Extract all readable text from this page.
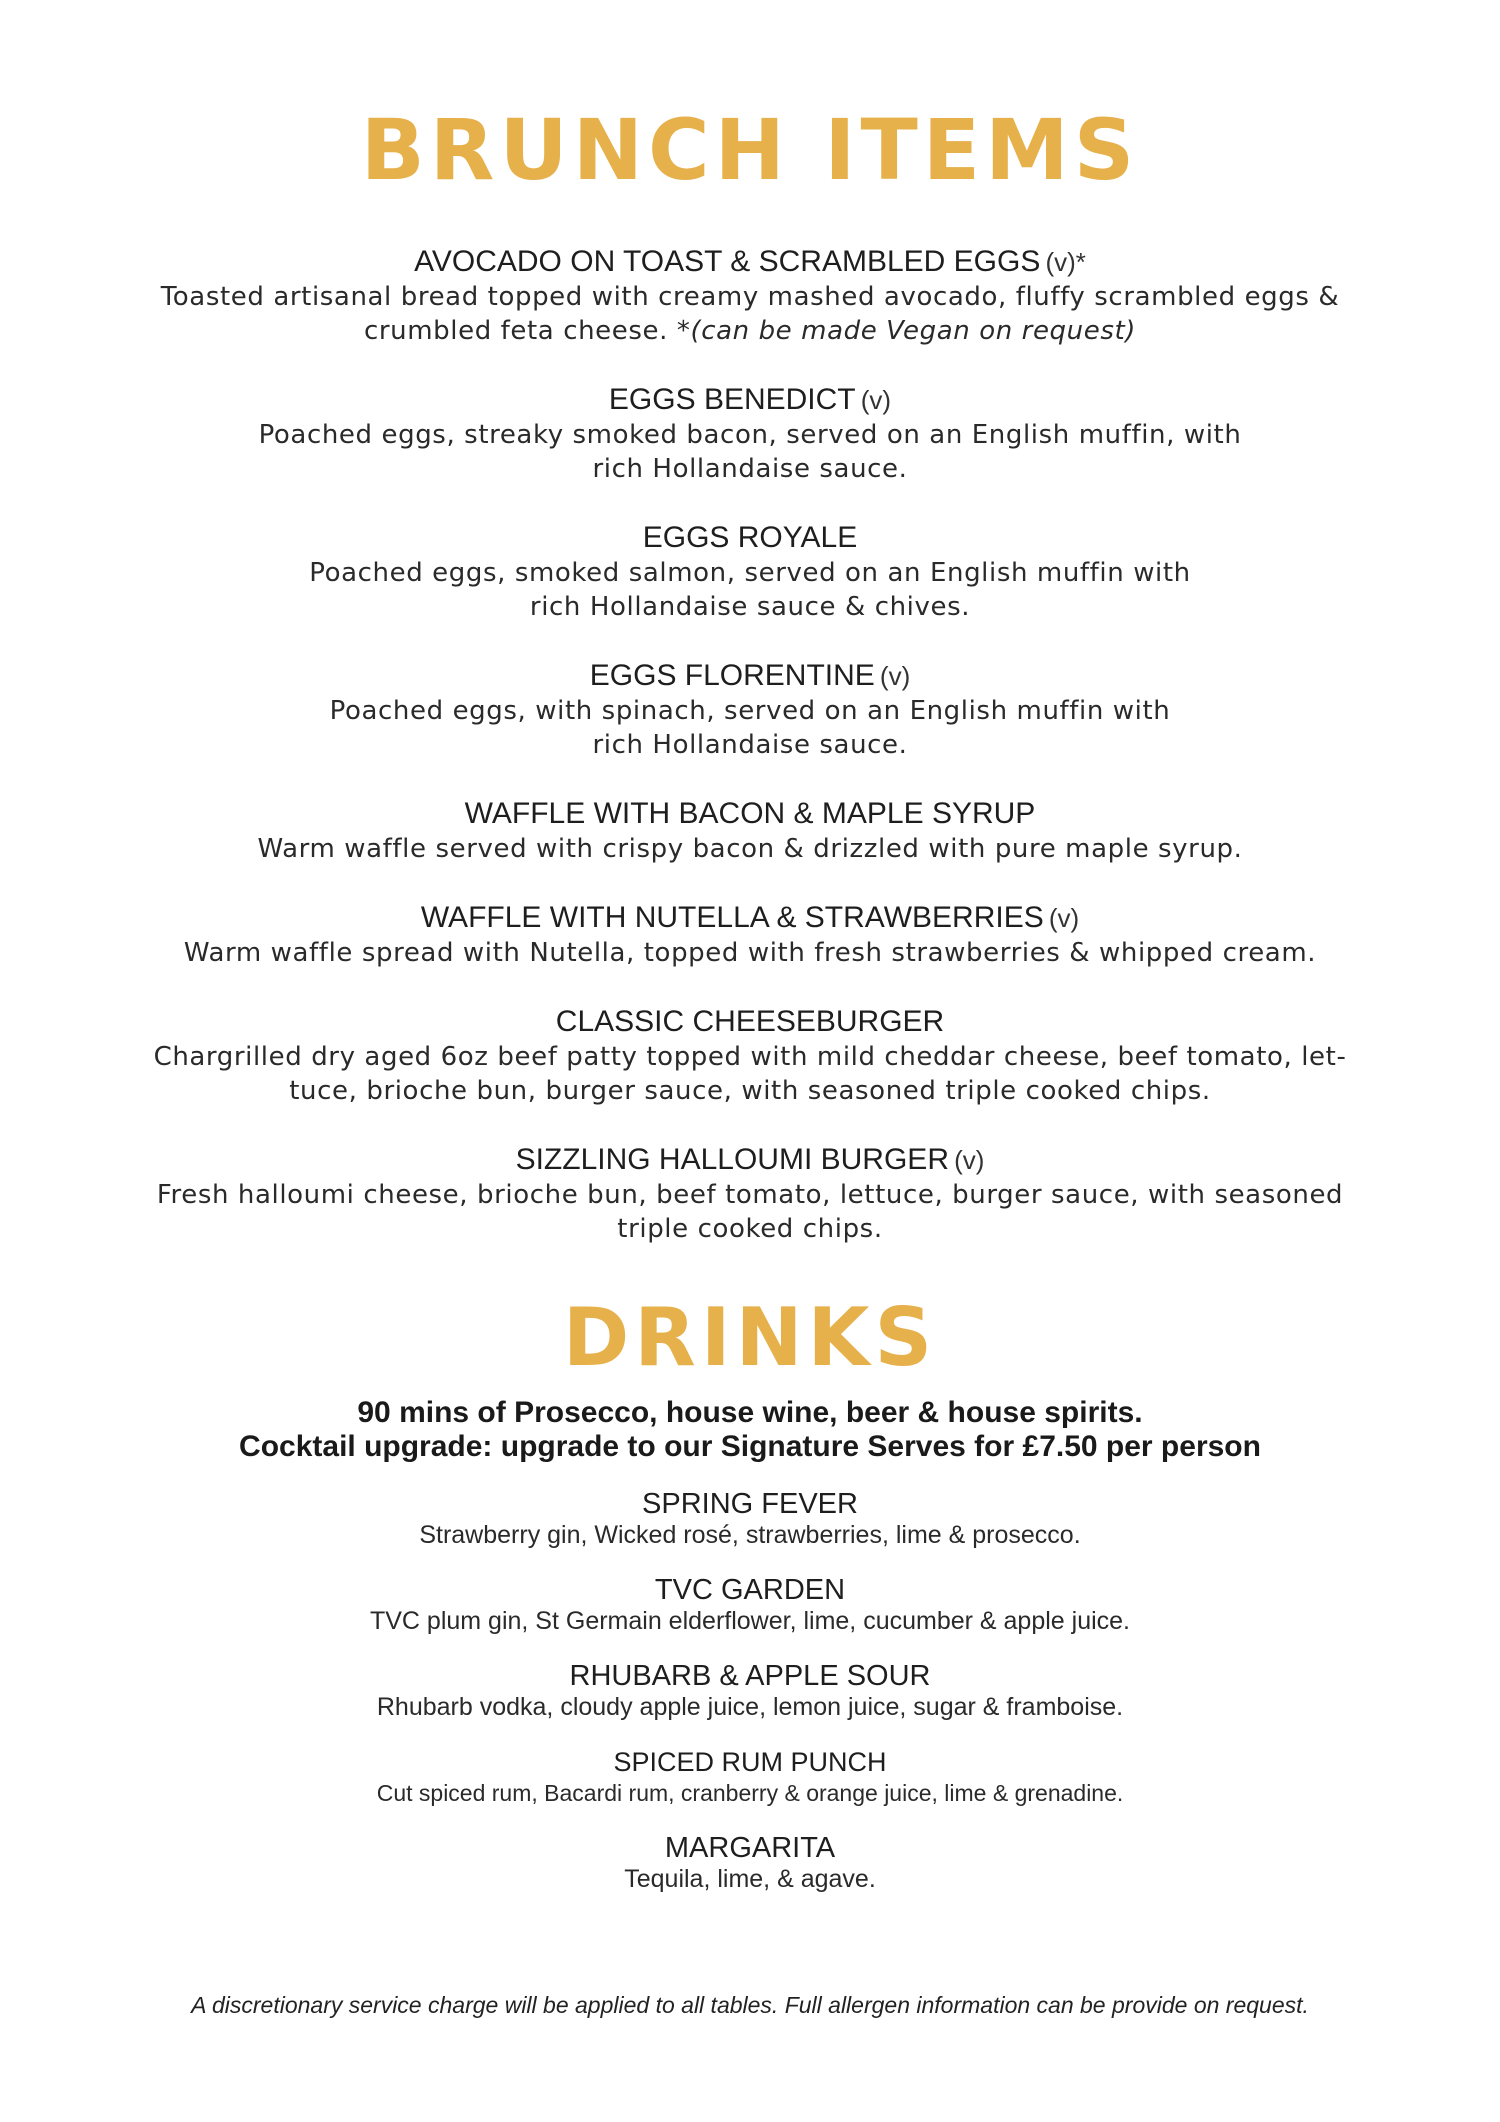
BRUNCH ITEMS
AVOCADO ON TOAST & SCRAMBLED EGGS (v)*
Toasted artisanal bread topped with creamy mashed avocado, fluffy scrambled eggs & crumbled feta cheese. *(can be made Vegan on request)
EGGS BENEDICT (v)
Poached eggs, streaky smoked bacon, served on an English muffin, with
rich Hollandaise sauce.
EGGS ROYALE
Poached eggs, smoked salmon, served on an English muffin with
rich Hollandaise sauce & chives.
EGGS FLORENTINE (v)
Poached eggs, with spinach, served on an English muffin with
rich Hollandaise sauce.
WAFFLE WITH BACON & MAPLE SYRUP
Warm waffle served with crispy bacon & drizzled with pure maple syrup.
WAFFLE WITH NUTELLA & STRAWBERRIES (v)
Warm waffle spread with Nutella, topped with fresh strawberries & whipped cream.
CLASSIC CHEESEBURGER
Chargrilled dry aged 6oz beef patty topped with mild cheddar cheese, beef tomato, let-
tuce, brioche bun, burger sauce, with seasoned triple cooked chips.
SIZZLING HALLOUMI BURGER (v)
Fresh halloumi cheese, brioche bun, beef tomato, lettuce, burger sauce, with seasoned
triple cooked chips.
DRINKS
90 mins of Prosecco, house wine, beer & house spirits.
Cocktail upgrade: upgrade to our Signature Serves for £7.50 per person
SPRING FEVER
Strawberry gin, Wicked rosé, strawberries, lime & prosecco.
TVC GARDEN
TVC plum gin, St Germain elderflower, lime, cucumber & apple juice.
RHUBARB & APPLE SOUR
Rhubarb vodka, cloudy apple juice, lemon juice, sugar & framboise.
SPICED RUM PUNCH
Cut spiced rum, Bacardi rum, cranberry & orange juice, lime & grenadine.
MARGARITA
Tequila, lime, & agave.
A discretionary service charge will be applied to all tables. Full allergen information can be provide on request.
